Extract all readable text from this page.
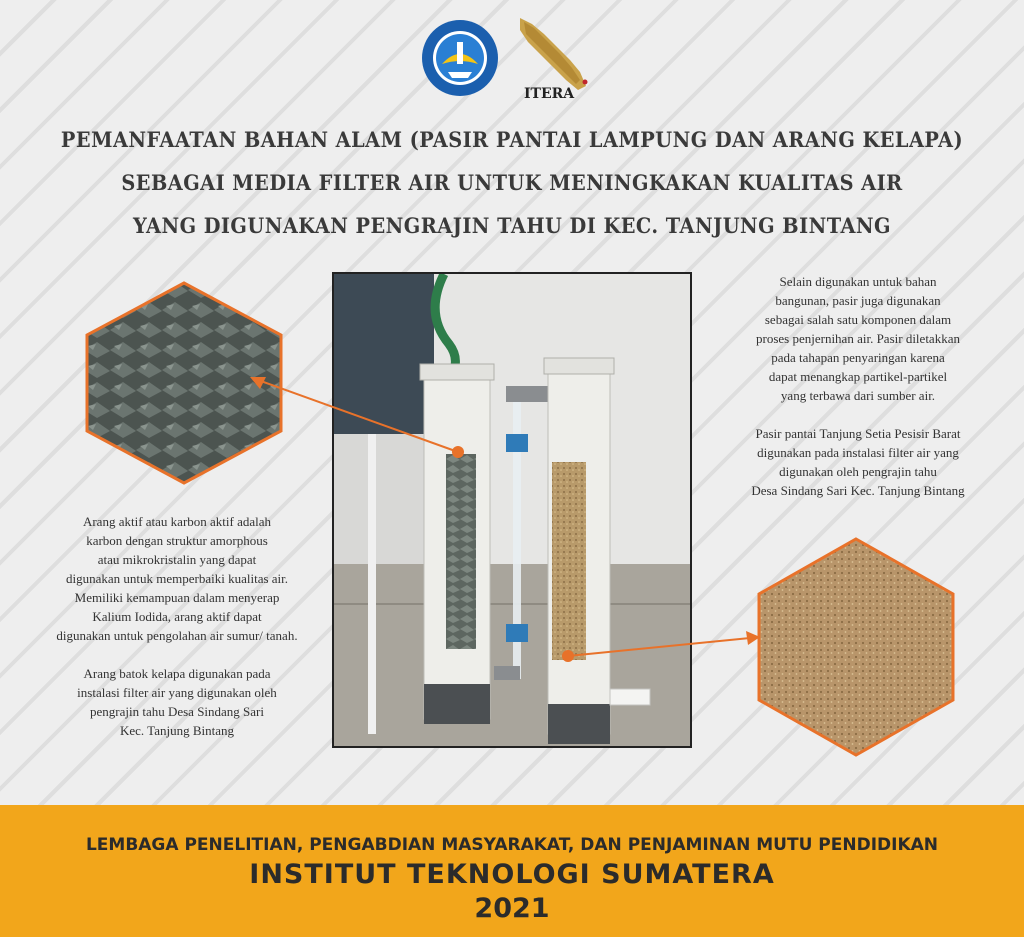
ITERA
PEMANFAATAN BAHAN ALAM (PASIR PANTAI LAMPUNG DAN ARANG KELAPA)
SEBAGAI MEDIA FILTER AIR UNTUK MENINGKAKAN KUALITAS AIR
YANG DIGUNAKAN PENGRAJIN TAHU DI KEC. TANJUNG BINTANG

Selain digunakan untuk bahan
bangunan, pasir juga digunakan
sebagai salah satu komponen dalam
proses penjernihan air. Pasir diletakkan
pada tahapan penyaringan karena
dapat menangkap partikel-partikel
yang terbawa dari sumber air.

Pasir pantai Tanjung Setia Pesisir Barat
digunakan pada instalasi filter air yang
digunakan oleh pengrajin tahu
Desa Sindang Sari Kec. Tanjung Bintang

Arang aktif atau karbon aktif adalah
karbon dengan struktur amorphous
atau mikrokristalin yang dapat
digunakan untuk memperbaiki kualitas air.
Memiliki kemampuan dalam menyerap
Kalium Iodida, arang aktif dapat
digunakan untuk pengolahan air sumur/ tanah.

Arang batok kelapa digunakan pada
instalasi filter air yang digunakan oleh
pengrajin tahu Desa Sindang Sari
Kec. Tanjung Bintang

LEMBAGA PENELITIAN, PENGABDIAN MASYARAKAT, DAN PENJAMINAN MUTU PENDIDIKAN
INSTITUT TEKNOLOGI SUMATERA
2021
